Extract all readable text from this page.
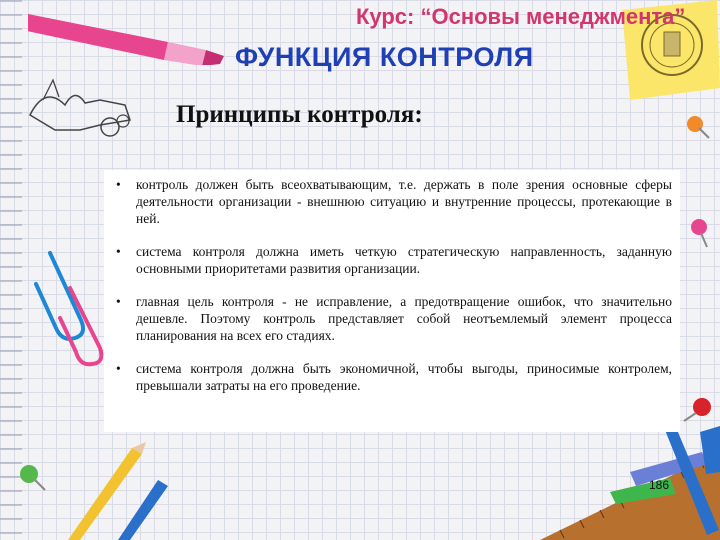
Курс: “Основы менеджмента”
ФУНКЦИЯ КОНТРОЛЯ
Принципы контроля:
• контроль должен быть всеохватывающим, т.е. держать в поле зрения основные сферы деятельности организации - внешнюю ситуацию и внутренние процессы, протекающие в ней.
• система контроля должна иметь четкую стратегическую направленность, заданную основными приоритетами развития организации.
• главная цель контроля - не исправление, а предотвращение ошибок, что значительно дешевле. Поэтому контроль представляет собой неотъемлемый элемент процесса планирования на всех его стадиях.
• система контроля должна быть экономичной, чтобы выгоды, приносимые контролем, превышали затраты на его проведение.
186
